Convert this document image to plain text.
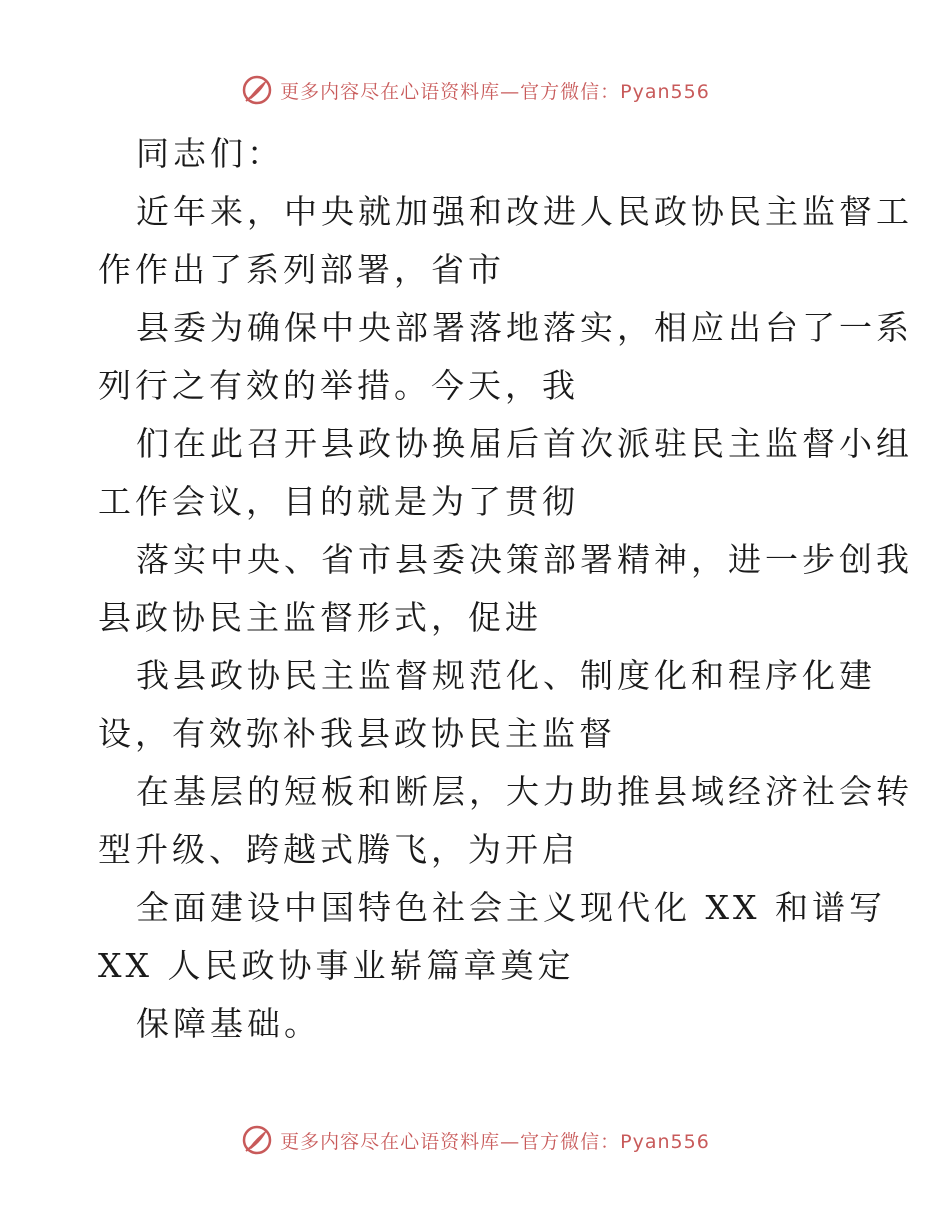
更多内容尽在心语资料库—官方微信：Pyan556
同志们：
近年来，中央就加强和改进人民政协民主监督工
作作出了系列部署，省市
县委为确保中央部署落地落实，相应出台了一系
列行之有效的举措。今天，我
们在此召开县政协换届后首次派驻民主监督小组
工作会议，目的就是为了贯彻
落实中央、省市县委决策部署精神，进一步创我
县政协民主监督形式，促进
我县政协民主监督规范化、制度化和程序化建
设，有效弥补我县政协民主监督
在基层的短板和断层，大力助推县域经济社会转
型升级、跨越式腾飞，为开启
全面建设中国特色社会主义现代化 XX 和谱写
XX 人民政协事业崭篇章奠定
保障基础。
更多内容尽在心语资料库—官方微信：Pyan556
